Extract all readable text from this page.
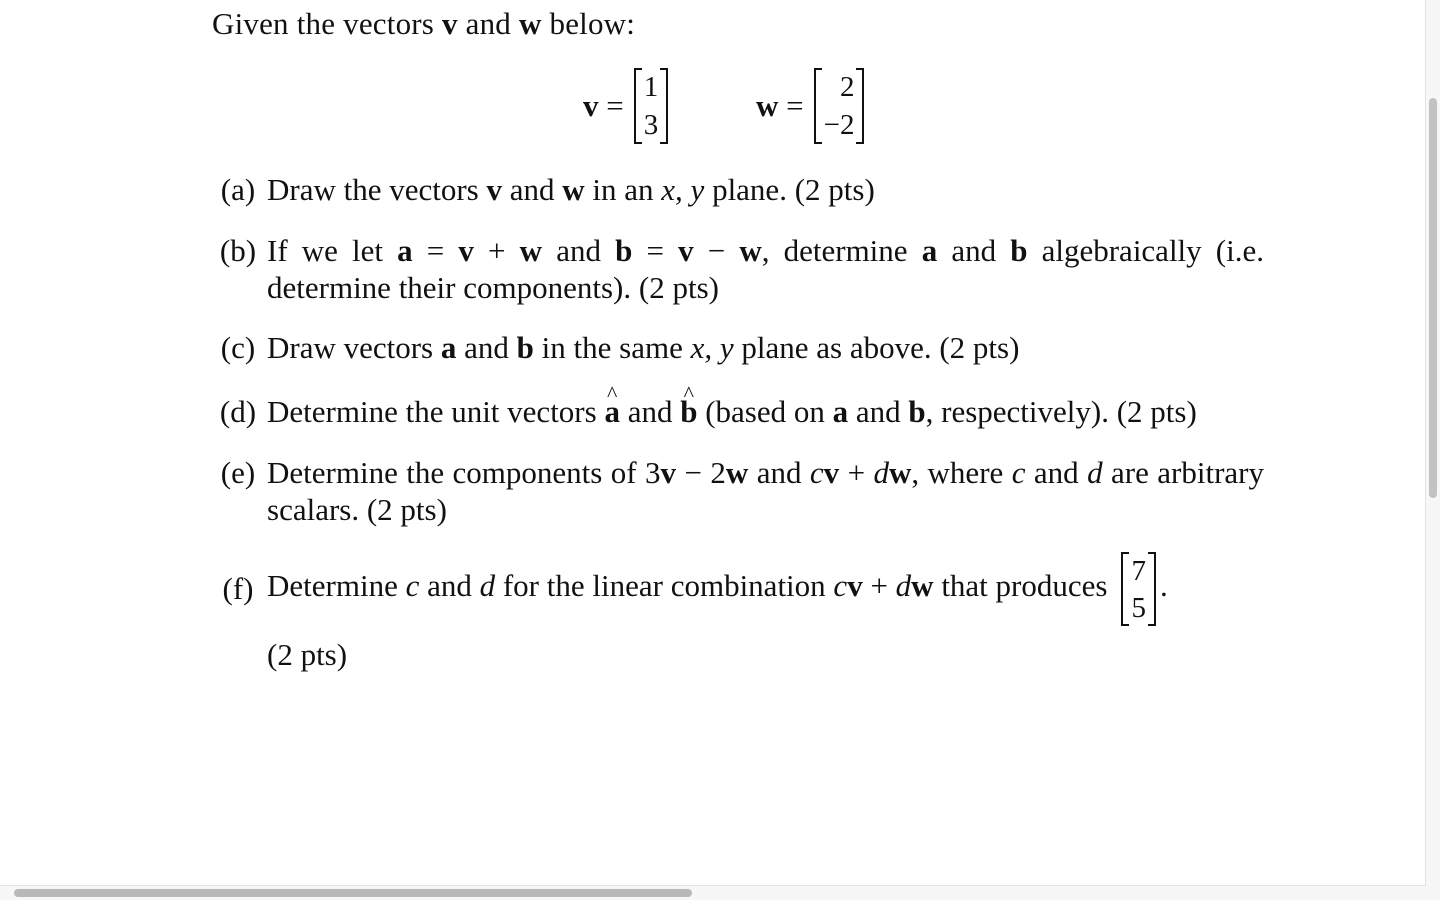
Given the vectors v and w below:
v =
1
3
w =
2
−2
(a) Draw the vectors v and w in an x, y plane. (2 pts)
(b) If we let a = v + w and b = v − w, determine a and b algebraically (i.e. determine their components). (2 pts)
(c) Draw vectors a and b in the same x, y plane as above. (2 pts)
(d) Determine the unit vectors a ^ and b ^ (based on a and b, respectively). (2 pts)
(e) Determine the components of 3v − 2w and cv + dw, where c and d are arbitrary scalars. (2 pts)
(f) Determine c and d for the linear combination cv + dw that produces 7
5
.
(2 pts)
